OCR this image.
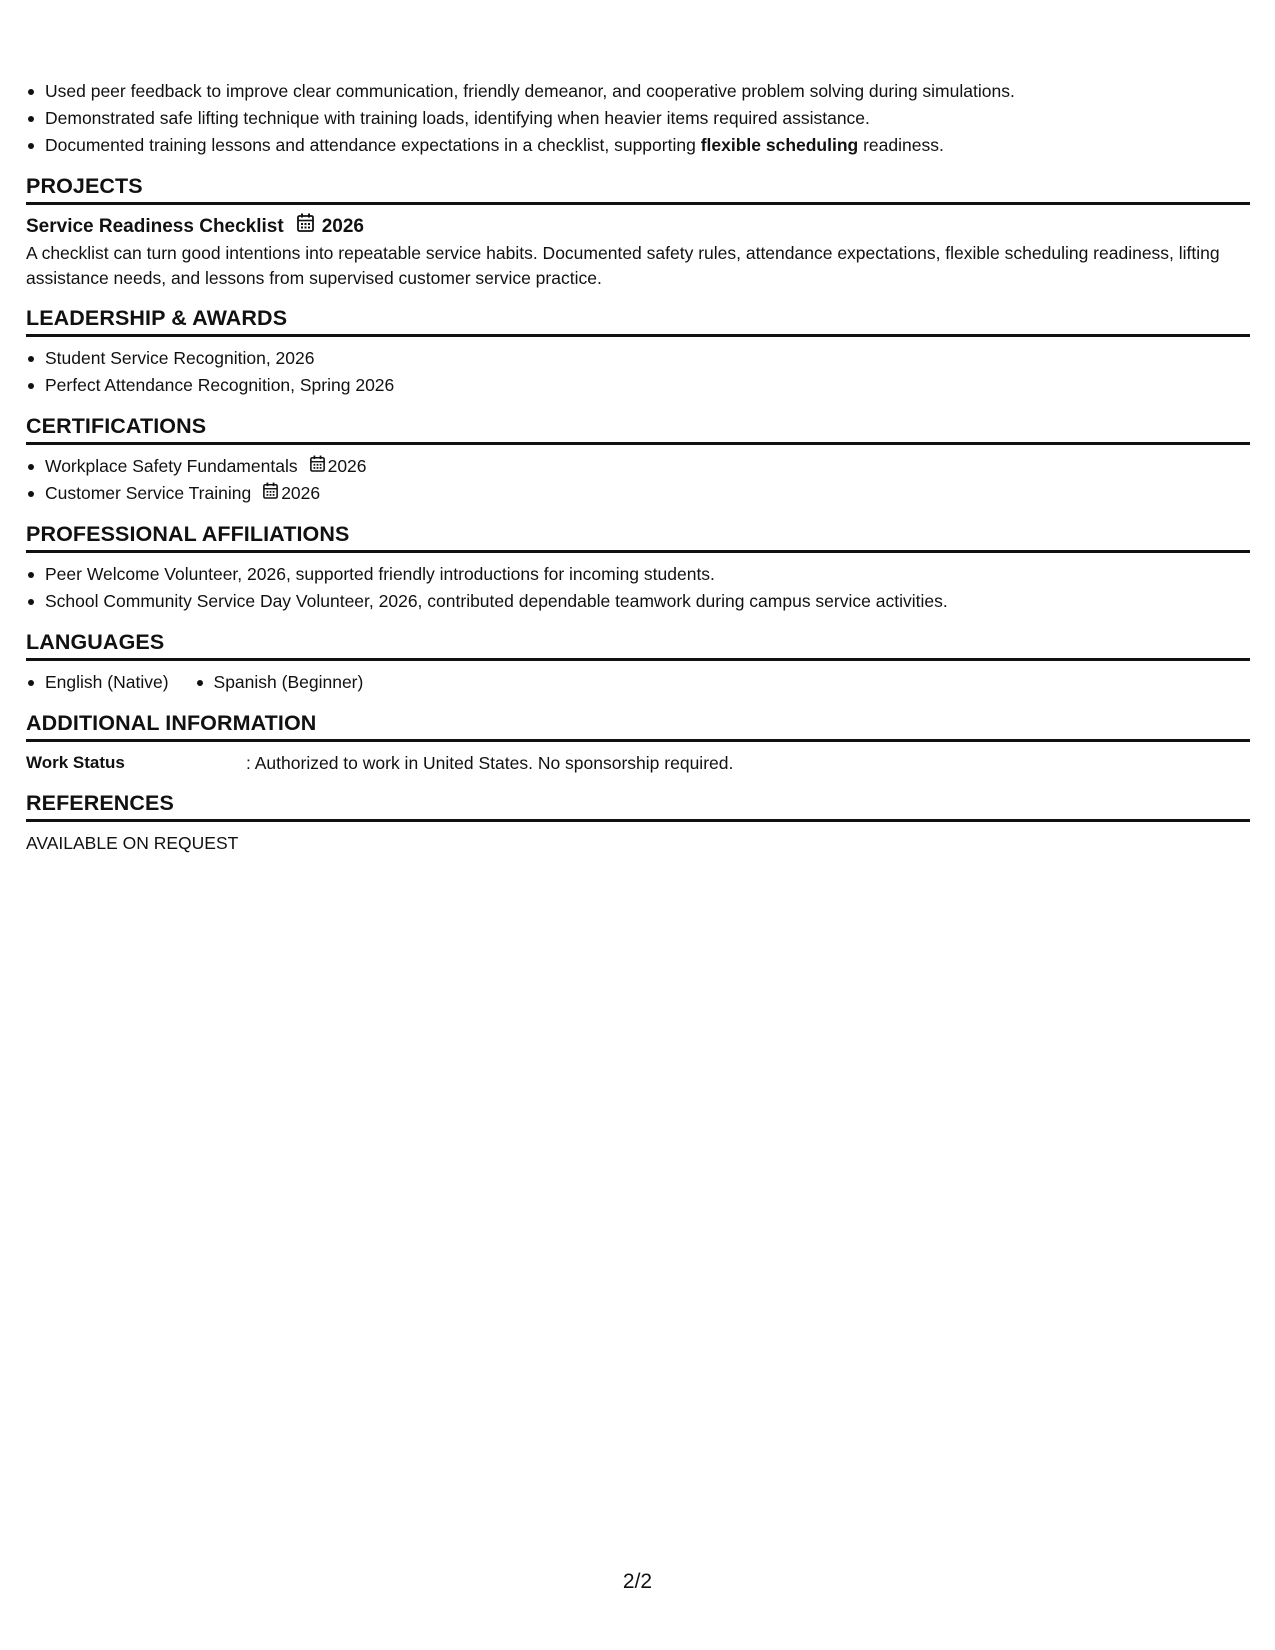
Used peer feedback to improve clear communication, friendly demeanor, and cooperative problem solving during simulations.
Demonstrated safe lifting technique with training loads, identifying when heavier items required assistance.
Documented training lessons and attendance expectations in a checklist, supporting flexible scheduling readiness.
PROJECTS
Service Readiness Checklist 2026
A checklist can turn good intentions into repeatable service habits. Documented safety rules, attendance expectations, flexible scheduling readiness, lifting assistance needs, and lessons from supervised customer service practice.
LEADERSHIP & AWARDS
Student Service Recognition, 2026
Perfect Attendance Recognition, Spring 2026
CERTIFICATIONS
Workplace Safety Fundamentals 2026
Customer Service Training 2026
PROFESSIONAL AFFILIATIONS
Peer Welcome Volunteer, 2026, supported friendly introductions for incoming students.
School Community Service Day Volunteer, 2026, contributed dependable teamwork during campus service activities.
LANGUAGES
English (Native)	Spanish (Beginner)
ADDITIONAL INFORMATION
Work Status	: Authorized to work in United States. No sponsorship required.
REFERENCES
AVAILABLE ON REQUEST
2/2
